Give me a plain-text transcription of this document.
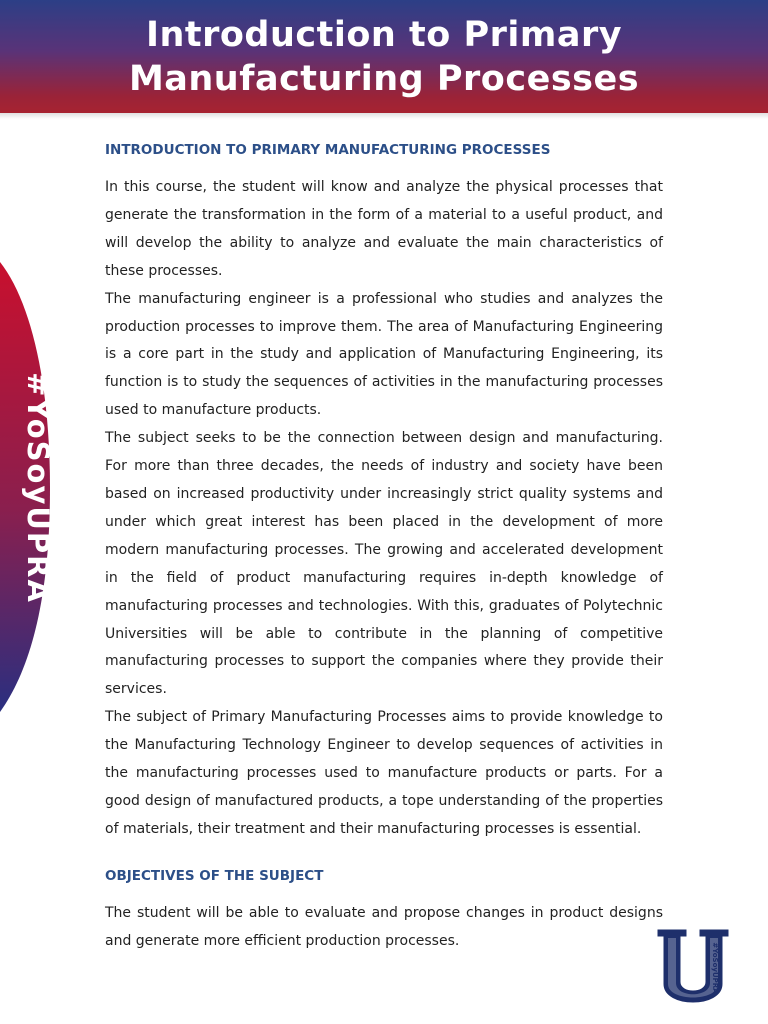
Introduction to Primary
Manufacturing Processes
#YoSoyUPRA
INTRODUCTION TO PRIMARY MANUFACTURING PROCESSES

In this course, the student will know and analyze the physical processes that generate the transformation in the form of a material to a useful product, and will develop the ability to analyze and evaluate the main characteristics of these processes.

The manufacturing engineer is a professional who studies and analyzes the production processes to improve them. The area of Manufacturing Engineering is a core part in the study and application of Manufacturing Engineering, its function is to study the sequences of activities in the manufacturing processes used to manufacture products.

The subject seeks to be the connection between design and manufacturing. For more than three decades, the needs of industry and society have been based on increased productivity under increasingly strict quality systems and under which great interest has been placed in the development of more modern manufacturing processes. The growing and accelerated development in the field of product manufacturing requires in-depth knowledge of manufacturing processes and technologies. With this, graduates of Polytechnic Universities will be able to contribute in the planning of competitive manufacturing processes to support the companies where they provide their services.

The subject of Primary Manufacturing Processes aims to provide knowledge to the Manufacturing Technology Engineer to develop sequences of activities in the manufacturing processes used to manufacture products or parts. For a good design of manufactured products, a tope understanding of the properties of materials, their treatment and their manufacturing processes is essential.

OBJECTIVES OF THE SUBJECT

The student will be able to evaluate and propose changes in product designs and generate more efficient production processes.

#YoSoyUPRA
